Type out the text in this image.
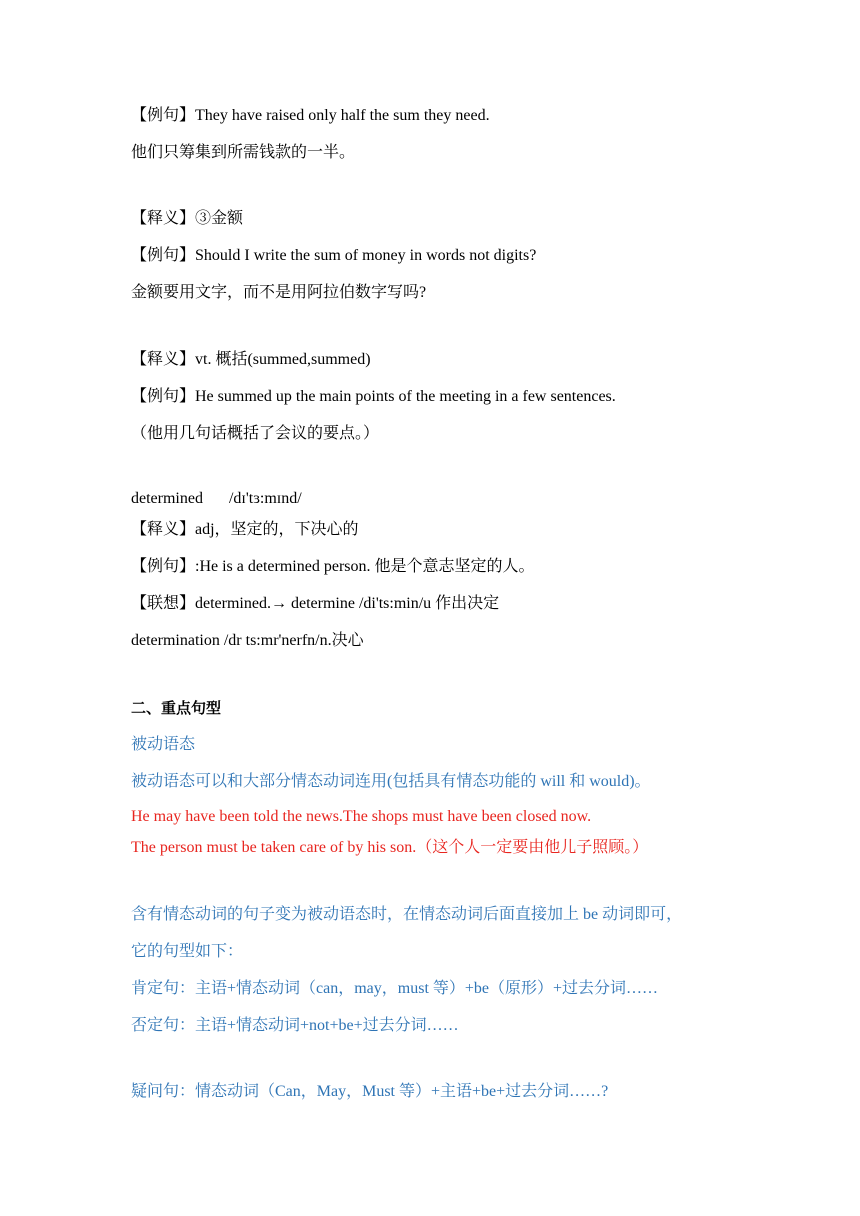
【例句】They have raised only half the sum they need.
他们只筹集到所需钱款的一半。
【释义】③金额
【例句】Should I write the sum of money in words not digits?
金额要用文字，而不是用阿拉伯数字写吗?
【释义】vt. 概括(summed,summed)
【例句】He summed up the main points of the meeting in a few sentences.
（他用几句话概括了会议的要点。）
determined /dɪ'tɜ:mɪnd/
【释义】adj，坚定的，下决心的
【例句】:He is a determined person. 他是个意志坚定的人。
【联想】determined.→ determine /di'ts:min/u 作出决定
determination /dr ts:mr'nerfn/n.决心
二、重点句型
被动语态
被动语态可以和大部分情态动词连用(包括具有情态功能的 will 和 would)。
He may have been told the news.The shops must have been closed now.
The person must be taken care of by his son.（这个人一定要由他儿子照顾。）
含有情态动词的句子变为被动语态时，在情态动词后面直接加上 be 动词即可，
它的句型如下：
肯定句：主语+情态动词（can，may，must 等）+be（原形）+过去分词……
否定句：主语+情态动词+not+be+过去分词……
疑问句：情态动词（Can，May，Must 等）+主语+be+过去分词……?
